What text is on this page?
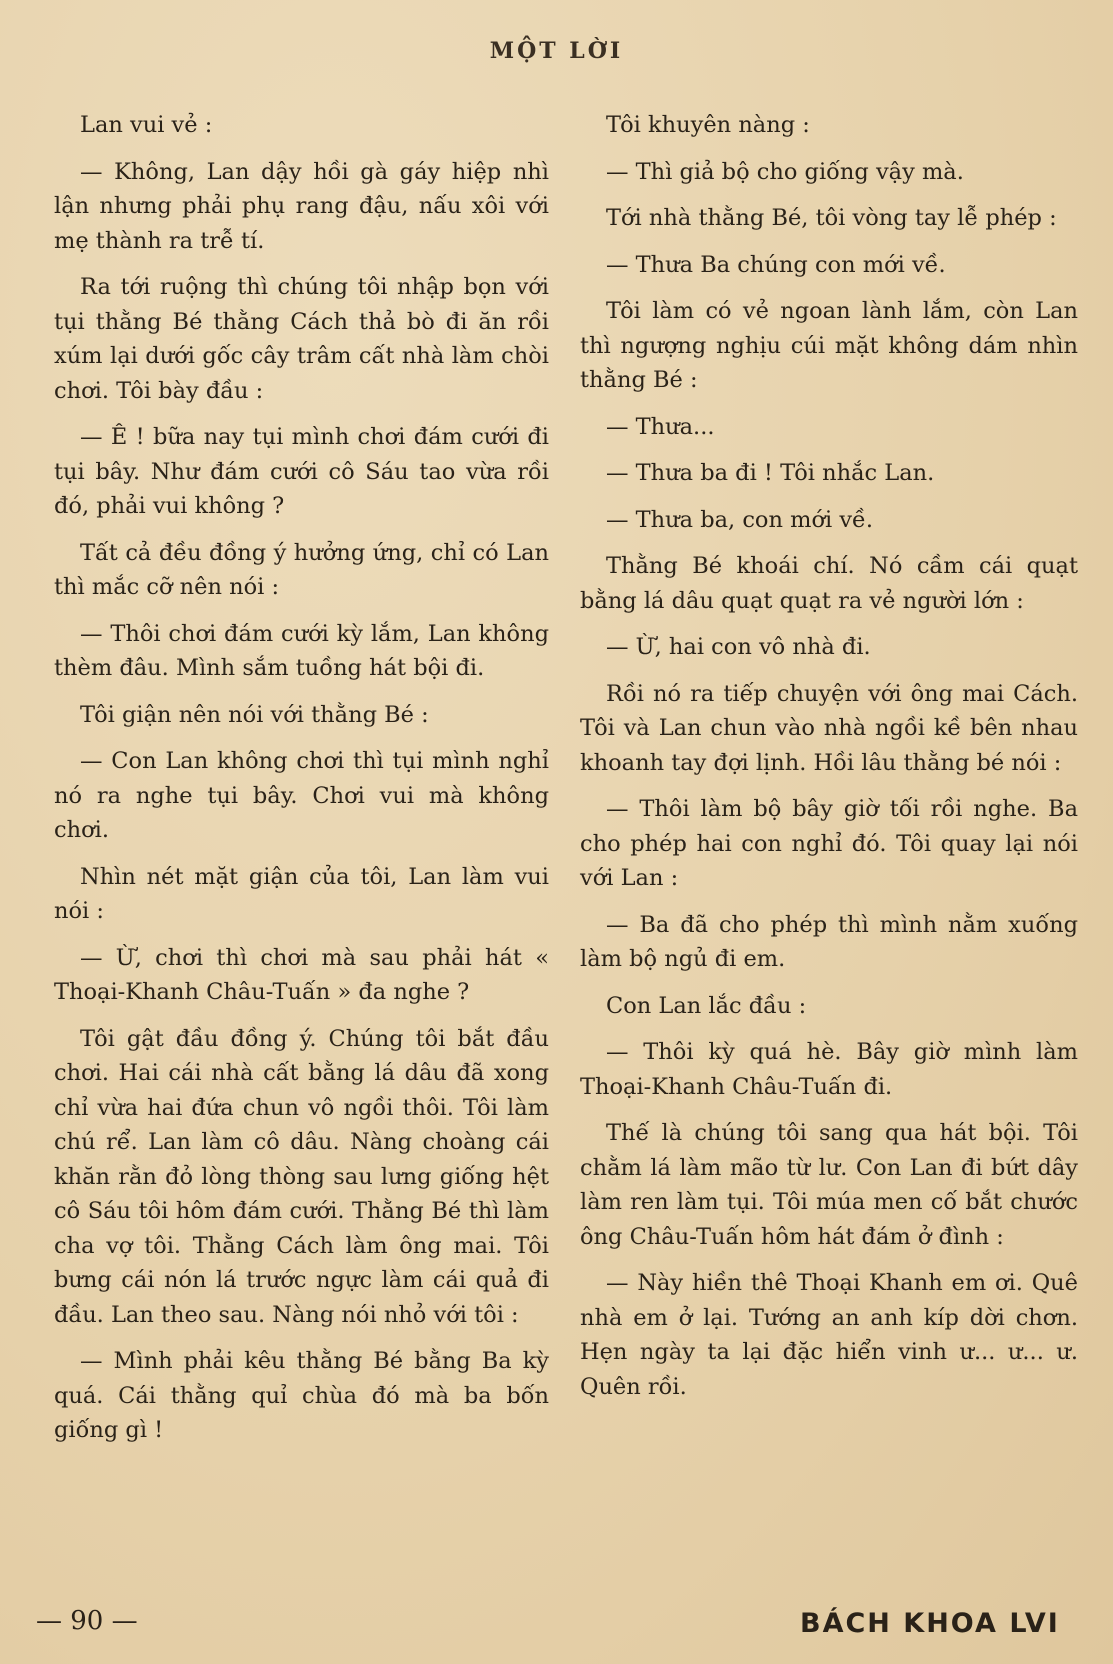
MỘT LỜI

Lan vui vẻ :

— Không, Lan dậy hồi gà gáy hiệp nhì lận nhưng phải phụ rang đậu, nấu xôi với mẹ thành ra trễ tí.

Ra tới ruộng thì chúng tôi nhập bọn với tụi thằng Bé thằng Cách thả bò đi ăn rồi xúm lại dưới gốc cây trâm cất nhà làm chòi chơi. Tôi bày đầu :

— Ê ! bữa nay tụi mình chơi đám cưới đi tụi bây. Như đám cưới cô Sáu tao vừa rồi đó, phải vui không ?

Tất cả đều đồng ý hưởng ứng, chỉ có Lan thì mắc cỡ nên nói :

— Thôi chơi đám cưới kỳ lắm, Lan không thèm đâu. Mình sắm tuồng hát bội đi.

Tôi giận nên nói với thằng Bé :

— Con Lan không chơi thì tụi mình nghỉ nó ra nghe tụi bây. Chơi vui mà không chơi.

Nhìn nét mặt giận của tôi, Lan làm vui nói :

— Ừ, chơi thì chơi mà sau phải hát « Thoại-Khanh Châu-Tuấn » đa nghe ?

Tôi gật đầu đồng ý. Chúng tôi bắt đầu chơi. Hai cái nhà cất bằng lá dâu đã xong chỉ vừa hai đứa chun vô ngồi thôi. Tôi làm chú rể. Lan làm cô dâu. Nàng choàng cái khăn rằn đỏ lòng thòng sau lưng giống hệt cô Sáu tôi hôm đám cưới. Thằng Bé thì làm cha vợ tôi. Thằng Cách làm ông mai. Tôi bưng cái nón lá trước ngực làm cái quả đi đầu. Lan theo sau. Nàng nói nhỏ với tôi :

— Mình phải kêu thằng Bé bằng Ba kỳ quá. Cái thằng quỉ chùa đó mà ba bốn giống gì !

Tôi khuyên nàng :

— Thì giả bộ cho giống vậy mà.

Tới nhà thằng Bé, tôi vòng tay lễ phép :

— Thưa Ba chúng con mới về.

Tôi làm có vẻ ngoan lành lắm, còn Lan thì ngượng nghịu cúi mặt không dám nhìn thằng Bé :

— Thưa...

— Thưa ba đi ! Tôi nhắc Lan.

— Thưa ba, con mới về.

Thằng Bé khoái chí. Nó cầm cái quạt bằng lá dâu quạt quạt ra vẻ người lớn :

— Ừ, hai con vô nhà đi.

Rồi nó ra tiếp chuyện với ông mai Cách. Tôi và Lan chun vào nhà ngồi kề bên nhau khoanh tay đợi lịnh. Hồi lâu thằng bé nói :

— Thôi làm bộ bây giờ tối rồi nghe. Ba cho phép hai con nghỉ đó. Tôi quay lại nói với Lan :

— Ba đã cho phép thì mình nằm xuống làm bộ ngủ đi em.

Con Lan lắc đầu :

— Thôi kỳ quá hè. Bây giờ mình làm Thoại-Khanh Châu-Tuấn đi.

Thế là chúng tôi sang qua hát bội. Tôi chằm lá làm mão từ lư. Con Lan đi bứt dây làm ren làm tụi. Tôi múa men cố bắt chước ông Châu-Tuấn hôm hát đám ở đình :

— Này hiền thê Thoại Khanh em ơi. Quê nhà em ở lại. Tướng an anh kíp dời chơn. Hẹn ngày ta lại đặc hiển vinh ư... ư... ư. Quên rồi.

— 90 —	BÁCH KHOA LVI
